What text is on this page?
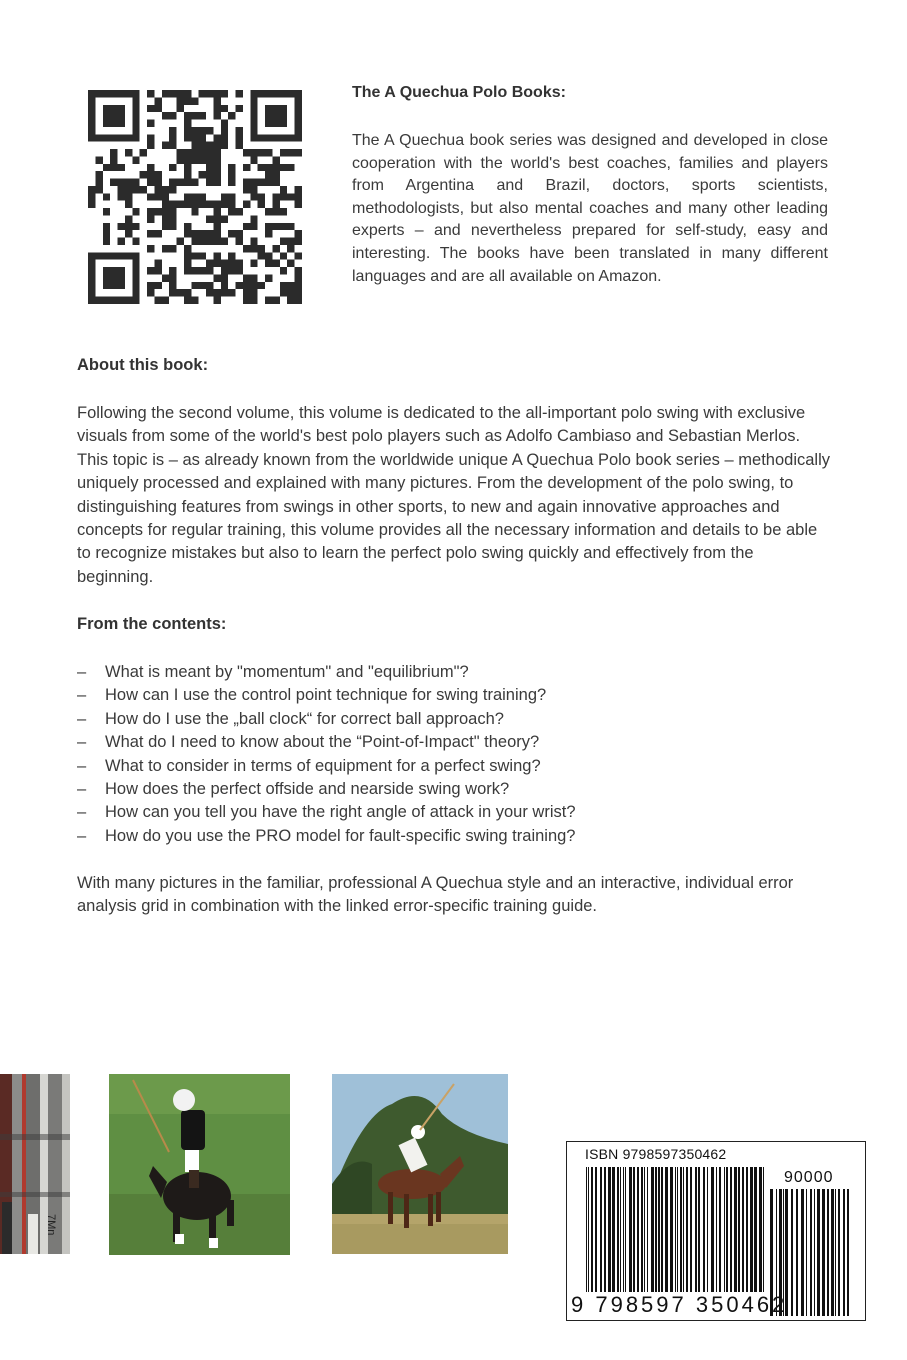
The A Quechua Polo Books:
The A Quechua book series was designed and developed in close cooperation with the world's best coaches, families and players from Argentina and Brazil, doctors, sports scientists, methodologists, but also mental coaches and many other leading experts – and nevertheless prepared for self-study, easy and interesting. The books have been translated in many different languages and are all available on Amazon.
About this book:
Following the second volume, this volume is dedicated to the all-important polo swing with exclusive visuals from some of the world's best polo players such as Adolfo Cambiaso and Sebastian Merlos. This topic is – as already known from the worldwide unique A Quechua Polo book series – methodically uniquely processed and explained with many pictures. From the development of the polo swing, to distinguishing features from swings in other sports, to new and again innovative approaches and concepts for regular training, this volume provides all the necessary information and details to be able to recognize mistakes but also to learn the perfect polo swing quickly and effectively from the beginning.
From the contents:
– What is meant by "momentum" and "equilibrium"?
– How can I use the control point technique for swing training?
– How do I use the „ball clock“ for correct ball approach?
– What do I need to know about the “Point-of-Impact" theory?
– What to consider in terms of equipment for a perfect swing?
– How does the perfect offside and nearside swing work?
– How can you tell you have the right angle of attack in your wrist?
– How do you use the PRO model for fault-specific swing training?
With many pictures in the familiar, professional A Quechua style and an interactive, individual error analysis grid in combination with the linked error-specific training guide.
7Mn
ISBN 9798597350462
90000
9 798597 350462
